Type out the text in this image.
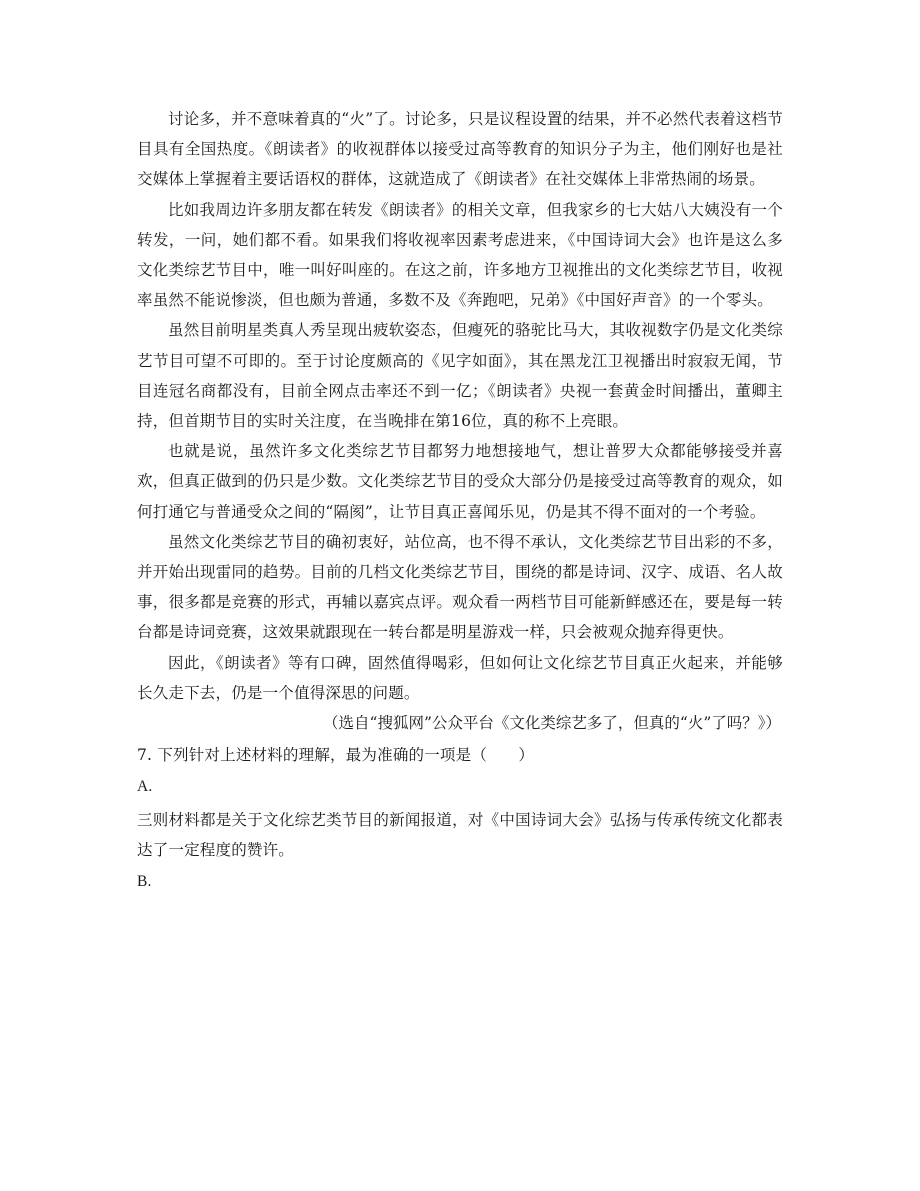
讨论多，并不意味着真的“火”了。讨论多，只是议程设置的结果，并不必然代表着这档节目具有全国热度。《朗读者》的收视群体以接受过高等教育的知识分子为主，他们刚好也是社交媒体上掌握着主要话语权的群体，这就造成了《朗读者》在社交媒体上非常热闹的场景。

比如我周边许多朋友都在转发《朗读者》的相关文章，但我家乡的七大姑八大姨没有一个转发，一问，她们都不看。如果我们将收视率因素考虑进来，《中国诗词大会》也许是这么多文化类综艺节目中，唯一叫好叫座的。在这之前，许多地方卫视推出的文化类综艺节目，收视率虽然不能说惨淡，但也颇为普通，多数不及《奔跑吧，兄弟》《中国好声音》的一个零头。

虽然目前明星类真人秀呈现出疲软姿态，但瘦死的骆驼比马大，其收视数字仍是文化类综艺节目可望不可即的。至于讨论度颇高的《见字如面》，其在黑龙江卫视播出时寂寂无闻，节目连冠名商都没有，目前全网点击率还不到一亿；《朗读者》央视一套黄金时间播出，董卿主持，但首期节目的实时关注度，在当晚排在第16位，真的称不上亮眼。

也就是说，虽然许多文化类综艺节目都努力地想接地气，想让普罗大众都能够接受并喜欢，但真正做到的仍只是少数。文化类综艺节目的受众大部分仍是接受过高等教育的观众，如何打通它与普通受众之间的“隔阂”，让节目真正喜闻乐见，仍是其不得不面对的一个考验。

虽然文化类综艺节目的确初衷好，站位高，也不得不承认，文化类综艺节目出彩的不多，并开始出现雷同的趋势。目前的几档文化类综艺节目，围绕的都是诗词、汉字、成语、名人故事，很多都是竞赛的形式，再辅以嘉宾点评。观众看一两档节目可能新鲜感还在，要是每一转台都是诗词竞赛，这效果就跟现在一转台都是明星游戏一样，只会被观众抛弃得更快。

因此，《朗读者》等有口碑，固然值得喝彩，但如何让文化综艺节目真正火起来，并能够长久走下去，仍是一个值得深思的问题。

（选自“搜狐网”公众平台《文化类综艺多了，但真的“火”了吗？》）

7. 下列针对上述材料的理解，最为准确的一项是（　　）

A.

三则材料都是关于文化综艺类节目的新闻报道，对《中国诗词大会》弘扬与传承传统文化都表达了一定程度的赞许。

B.
